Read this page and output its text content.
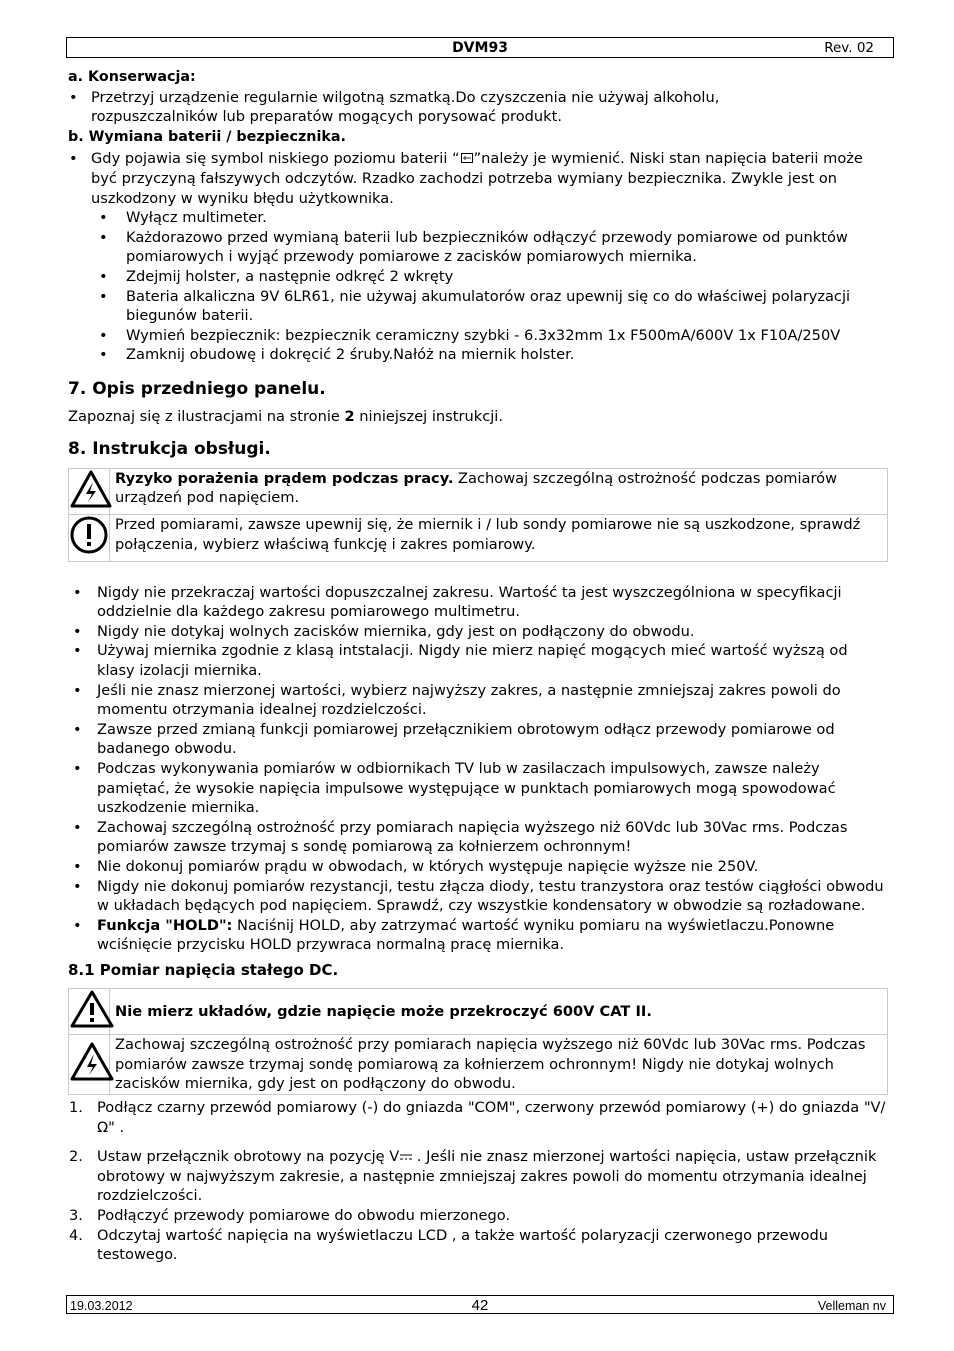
DVM93	Rev. 02
a. Konserwacja:
• Przetrzyj urządzenie regularnie wilgotną szmatką.Do czyszczenia nie używaj alkoholu,
rozpuszczalników lub preparatów mogących porysować produkt.
b. Wymiana baterii / bezpiecznika.
• Gdy pojawia się symbol niskiego poziomu baterii “ ”należy je wymienić. Niski stan napięcia baterii może być przyczyną fałszywych odczytów. Rzadko zachodzi potrzeba wymiany bezpiecznika. Zwykle jest on uszkodzony w wyniku błędu użytkownika.
• Wyłącz multimeter.
• Każdorazowo przed wymianą baterii lub bezpieczników odłączyć przewody pomiarowe od punktów pomiarowych i wyjąć przewody pomiarowe z zacisków pomiarowych miernika.
• Zdejmij holster, a następnie odkręć 2 wkręty
• Bateria alkaliczna 9V 6LR61, nie używaj akumulatorów oraz upewnij się co do właściwej polaryzacji biegunów baterii.
• Wymień bezpiecznik: bezpiecznik ceramiczny szybki - 6.3x32mm 1x F500mA/600V 1x F10A/250V
• Zamknij obudowę i dokręcić 2 śruby.Nałóż na miernik holster.
7. Opis przedniego panelu.
Zapoznaj się z ilustracjami na stronie 2 niniejszej instrukcji.
8. Instrukcja obsługi.
	Ryzyko porażenia prądem podczas pracy. Zachowaj szczególną ostrożność podczas pomiarów urządzeń pod napięciem.
	Przed pomiarami, zawsze upewnij się, że miernik i / lub sondy pomiarowe nie są uszkodzone, sprawdź połączenia, wybierz właściwą funkcję i zakres pomiarowy.
• Nigdy nie przekraczaj wartości dopuszczalnej zakresu. Wartość ta jest wyszczególniona w specyfikacji oddzielnie dla każdego zakresu pomiarowego multimetru.
• Nigdy nie dotykaj wolnych zacisków miernika, gdy jest on podłączony do obwodu.
• Używaj miernika zgodnie z klasą intstalacji. Nigdy nie mierz napięć mogących mieć wartość wyższą od klasy izolacji miernika.
• Jeśli nie znasz mierzonej wartości, wybierz najwyższy zakres, a następnie zmniejszaj zakres powoli do momentu otrzymania idealnej rozdzielczości.
• Zawsze przed zmianą funkcji pomiarowej przełącznikiem obrotowym odłącz przewody pomiarowe od badanego obwodu.
• Podczas wykonywania pomiarów w odbiornikach TV lub w zasilaczach impulsowych, zawsze należy pamiętać, że wysokie napięcia impulsowe występujące w punktach pomiarowych mogą spowodować uszkodzenie miernika.
• Zachowaj szczególną ostrożność przy pomiarach napięcia wyższego niż 60Vdc lub 30Vac rms. Podczas pomiarów zawsze trzymaj s sondę pomiarową za kołnierzem ochronnym!
• Nie dokonuj pomiarów prądu w obwodach, w których występuje napięcie wyższe nie 250V.
• Nigdy nie dokonuj pomiarów rezystancji, testu złącza diody, testu tranzystora oraz testów ciągłości obwodu w układach będących pod napięciem. Sprawdź, czy wszystkie kondensatory w obwodzie są rozładowane.
• Funkcja "HOLD": Naciśnij HOLD, aby zatrzymać wartość wyniku pomiaru na wyświetlaczu.Ponowne wciśnięcie przycisku HOLD przywraca normalną pracę miernika.
8.1 Pomiar napięcia stałego DC.
	Nie mierz układów, gdzie napięcie może przekroczyć 600V CAT II.
	Zachowaj szczególną ostrożność przy pomiarach napięcia wyższego niż 60Vdc lub 30Vac rms. Podczas pomiarów zawsze trzymaj sondę pomiarową za kołnierzem ochronnym! Nigdy nie dotykaj wolnych zacisków miernika, gdy jest on podłączony do obwodu.
1. Podłącz czarny przewód pomiarowy (-) do gniazda "COM", czerwony przewód pomiarowy (+) do gniazda "V/Ω" .
2. Ustaw przełącznik obrotowy na pozycję V
. Jeśli nie znasz mierzonej wartości napięcia, ustaw przełącznik obrotowy w najwyższym zakresie, a następnie zmniejszaj zakres powoli do momentu otrzymania idealnej rozdzielczości.
3. Podłączyć przewody pomiarowe do obwodu mierzonego.
4. Odczytaj wartość napięcia na wyświetlaczu LCD , a także wartość polaryzacji czerwonego przewodu testowego.
19.03.2012	42	Velleman nv
